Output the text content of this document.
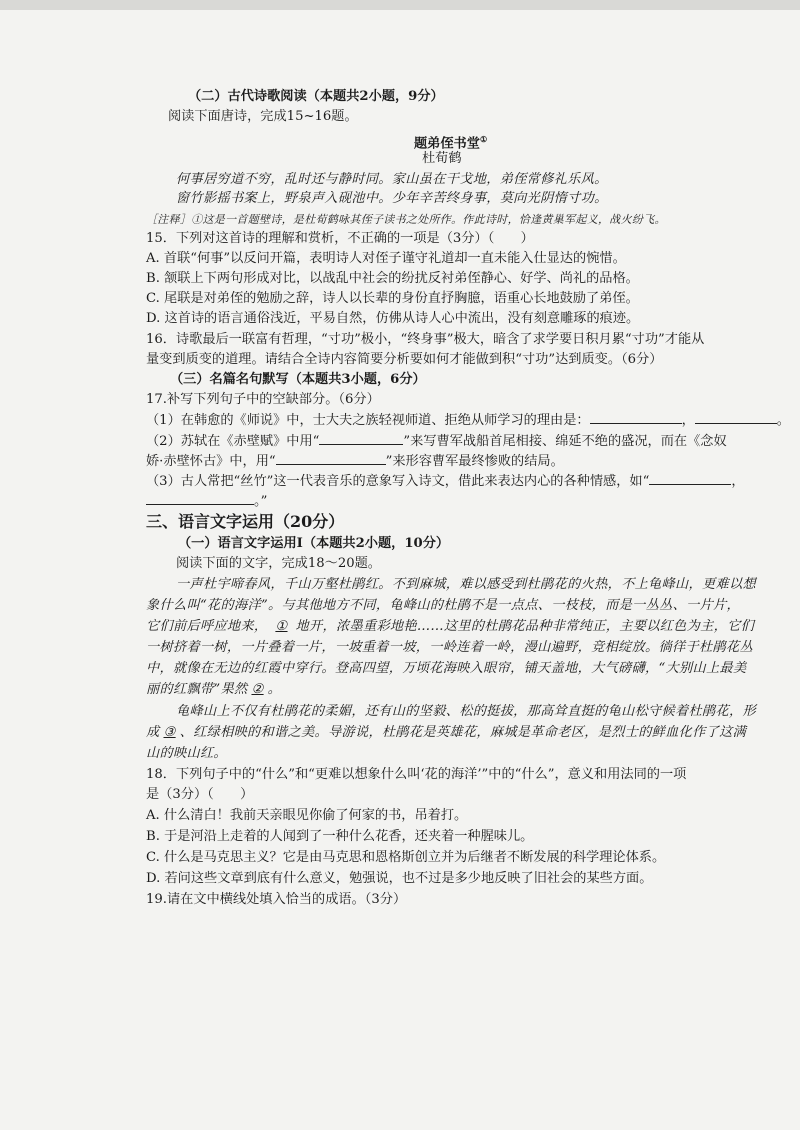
（二）古代诗歌阅读（本题共2小题，9分）
阅读下面唐诗，完成15~16题。
题弟侄书堂①
杜荀鹤
何事居穷道不穷，乱时还与静时同。家山虽在干戈地，弟侄常修礼乐风。
窗竹影摇书案上，野泉声入砚池中。少年辛苦终身事，莫向光阴惰寸功。
［注释］①这是一首题壁诗，是杜荀鹤咏其侄子读书之处所作。作此诗时，恰逢黄巢军起义，战火纷飞。
15．下列对这首诗的理解和赏析，不正确的一项是（3分）（　　）
A. 首联“何事”以反问开篇，表明诗人对侄子谨守礼道却一直未能入仕显达的惋惜。
B. 颔联上下两句形成对比，以战乱中社会的纷扰反衬弟侄静心、好学、尚礼的品格。
C. 尾联是对弟侄的勉励之辞，诗人以长辈的身份直抒胸臆，语重心长地鼓励了弟侄。
D. 这首诗的语言通俗浅近，平易自然，仿佛从诗人心中流出，没有刻意雕琢的痕迹。
16．诗歌最后一联富有哲理，“寸功”极小，“终身事”极大，暗含了求学要日积月累“寸功”才能从
量变到质变的道理。请结合全诗内容简要分析要如何才能做到积“寸功”达到质变。（6分）
（三）名篇名句默写（本题共3小题，6分）
17.补写下列句子中的空缺部分。（6分）
（1）在韩愈的《师说》中，士大夫之族轻视师道、拒绝从师学习的理由是：	，	。
（2）苏轼在《赤壁赋》中用“	”来写曹军战船首尾相接、绵延不绝的盛况，而在《念奴
娇·赤壁怀古》中，用“	”来形容曹军最终惨败的结局。
（3）古人常把“丝竹”这一代表音乐的意象写入诗文，借此来表达内心的各种情感，如“	，
。”
三、语言文字运用（20分）
（一）语言文字运用Ⅰ（本题共2小题，10分）
阅读下面的文字，完成18～20题。
一声杜宇啼春风，千山万壑杜鹃红。不到麻城，难以感受到杜鹃花的火热，不上龟峰山，更难以想
象什么叫“花的海洋”。与其他地方不同，龟峰山的杜鹃不是一点点、一枝枝，而是一丛丛、一片片，
它们前后呼应地来， ① 地开，浓墨重彩地艳……这里的杜鹃花品种非常纯正，主要以红色为主，它们
一树挤着一树，一片叠着一片，一坡重着一坡，一岭连着一岭，漫山遍野，竞相绽放。徜徉于杜鹃花丛
中，就像在无边的红霞中穿行。登高四望，万顷花海映入眼帘，铺天盖地，大气磅礴，“大别山上最美
丽的红飘带”果然 ② 。
龟峰山上不仅有杜鹃花的柔媚，还有山的坚毅、松的挺拔，那高耸直挺的龟山松守候着杜鹃花，形
成 ③ 、红绿相映的和谐之美。导游说，杜鹃花是英雄花，麻城是革命老区，是烈士的鲜血化作了这满
山的映山红。
18．下列句子中的“什么”和“更难以想象什么叫‘花的海洋’”中的“什么”，意义和用法同的一项
是（3分）（　　）
A. 什么清白！我前天亲眼见你偷了何家的书，吊着打。
B. 于是河沿上走着的人闻到了一种什么花香，还夹着一种腥味儿。
C. 什么是马克思主义？它是由马克思和恩格斯创立并为后继者不断发展的科学理论体系。
D. 若问这些文章到底有什么意义，勉强说，也不过是多少地反映了旧社会的某些方面。
19.请在文中横线处填入恰当的成语。（3分）
